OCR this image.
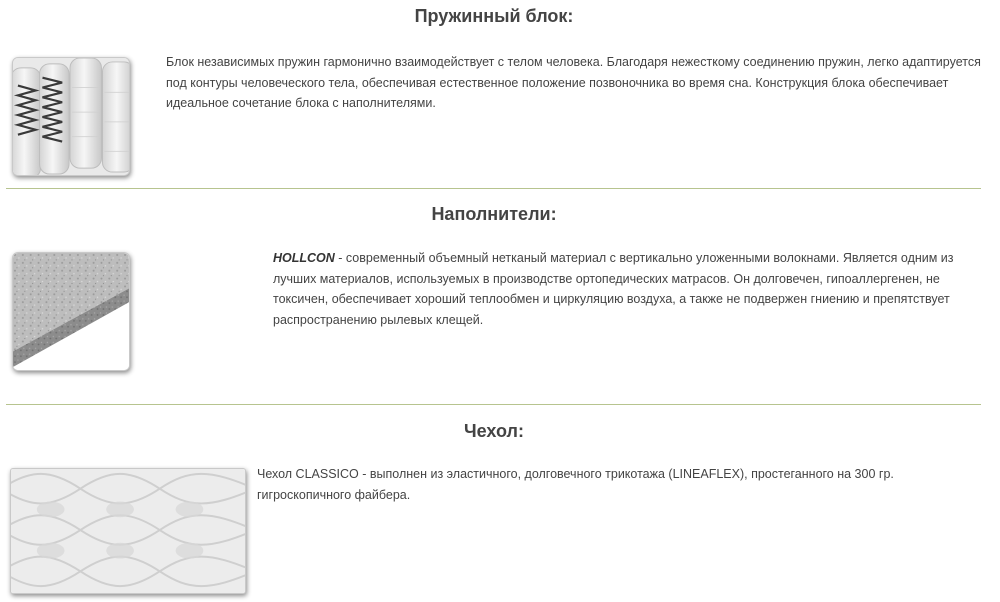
Пружинный блок:

Блок независимых пружин гармонично взаимодействует с телом человека. Благодаря нежесткому соединению пружин, легко адаптируется под контуры человеческого тела, обеспечивая естественное положение позвоночника во время сна. Конструкция блока обеспечивает идеальное сочетание блока с наполнителями.

Наполнители:

HOLLCON - современный объемный нетканый материал с вертикально уложенными волокнами. Является одним из лучших материалов, используемых в производстве ортопедических матрасов. Он долговечен, гипоаллергенен, не токсичен, обеспечивает хороший теплообмен и циркуляцию воздуха, а также не подвержен гниению и препятствует распространению рылевых клещей.

Чехол:

Чехол CLASSICO - выполнен из эластичного, долговечного трикотажа (LINEAFLEX), простеганного на 300 гр. гигроскопичного файбера.
